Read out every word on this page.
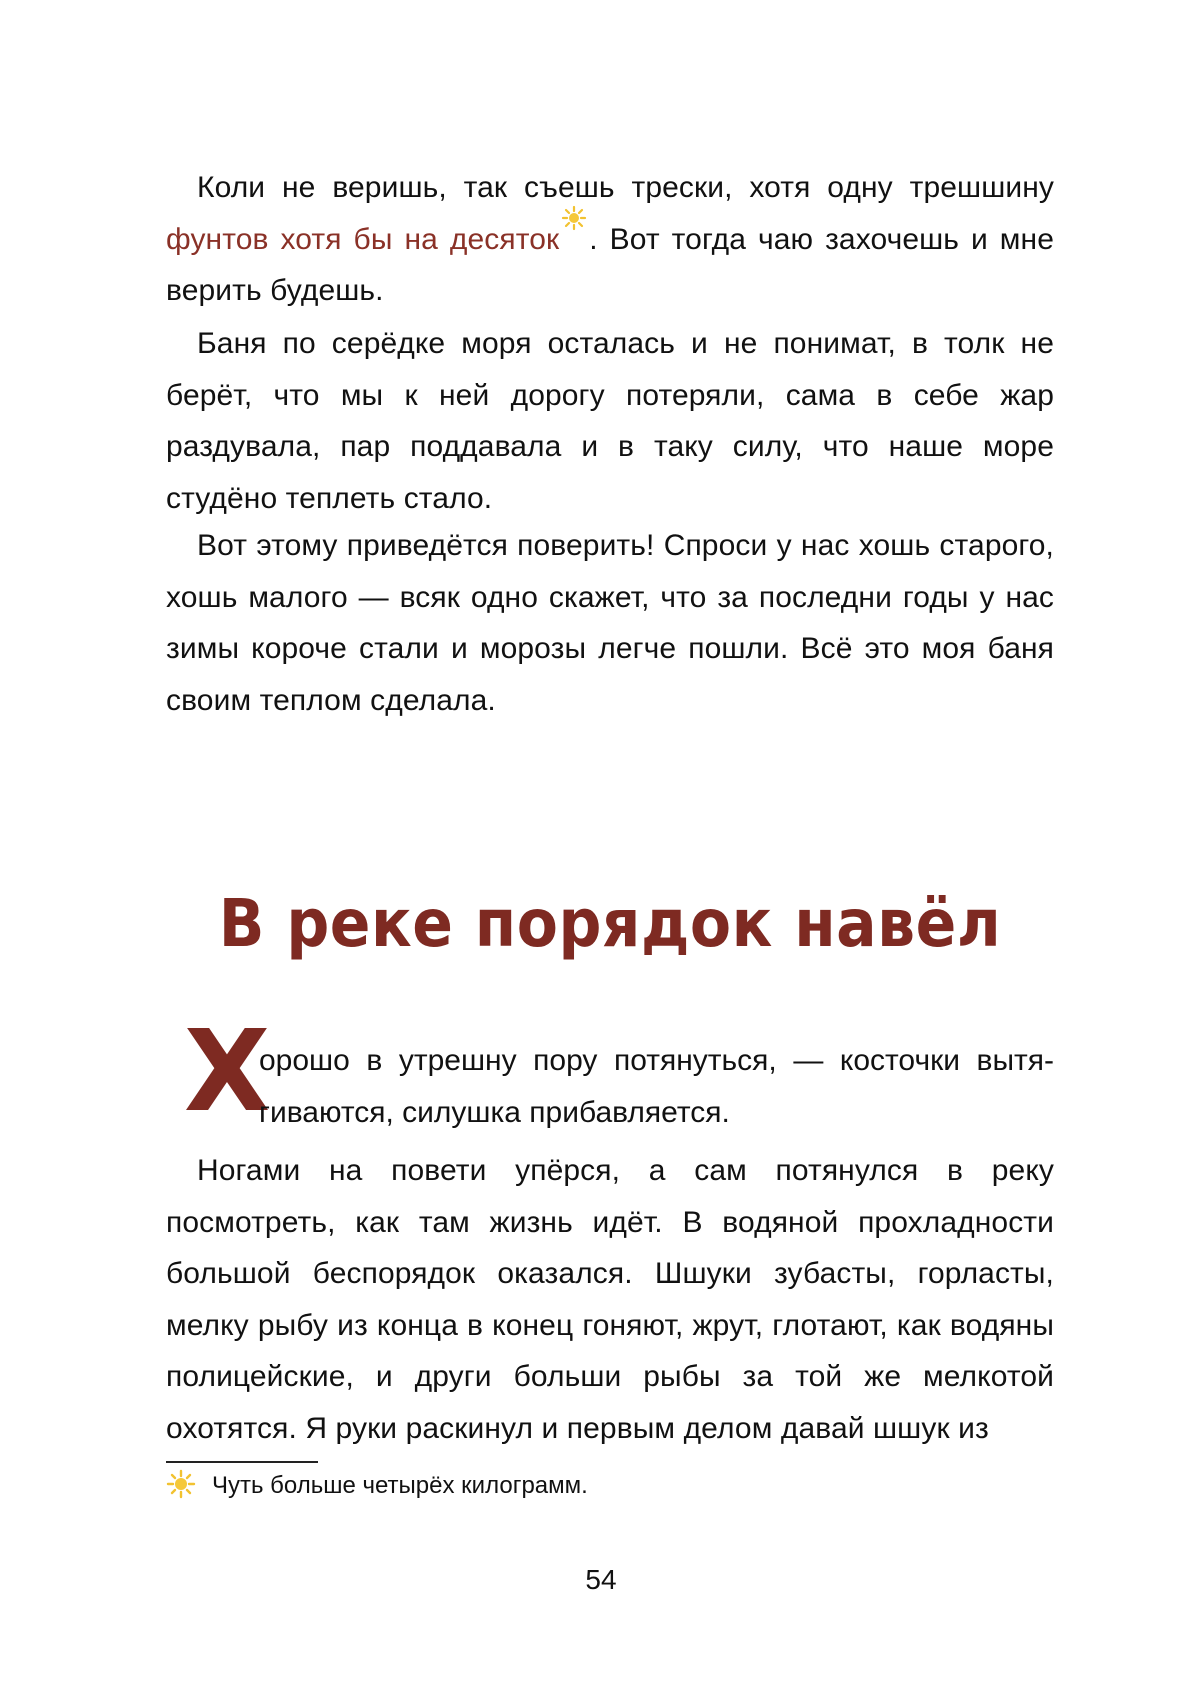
Коли не веришь, так съешь трески, хотя одну трешшину фунтов хотя бы на десяток . Вот тогда чаю захочешь и мне верить будешь.

Баня по серёдке моря осталась и не понимат, в толк не берёт, что мы к ней дорогу потеряли, сама в себе жар раздувала, пар поддавала и в таку силу, что наше море студёно теплеть стало.

Вот этому приведётся поверить! Спроси у нас хошь старого, хошь малого — всяк одно скажет, что за последни годы у нас зимы короче стали и морозы легче пошли. Всё это моя баня своим теплом сделала.

В реке порядок навёл
Х
орошо в утрешну пору потянуться, — косточки вытя-
гиваются, силушка прибавляется.

Ногами на повети упёрся, а сам потянулся в реку посмотреть, как там жизнь идёт. В водяной прохладности большой беспорядок оказался. Шшуки зубасты, горласты, мелку рыбу из конца в конец гоняют, жрут, глотают, как водяны полицейские, и други больши рыбы за той же мелкотой охотятся. Я руки раскинул и первым делом давай шшук из

Чуть больше четырёх килограмм.
54
